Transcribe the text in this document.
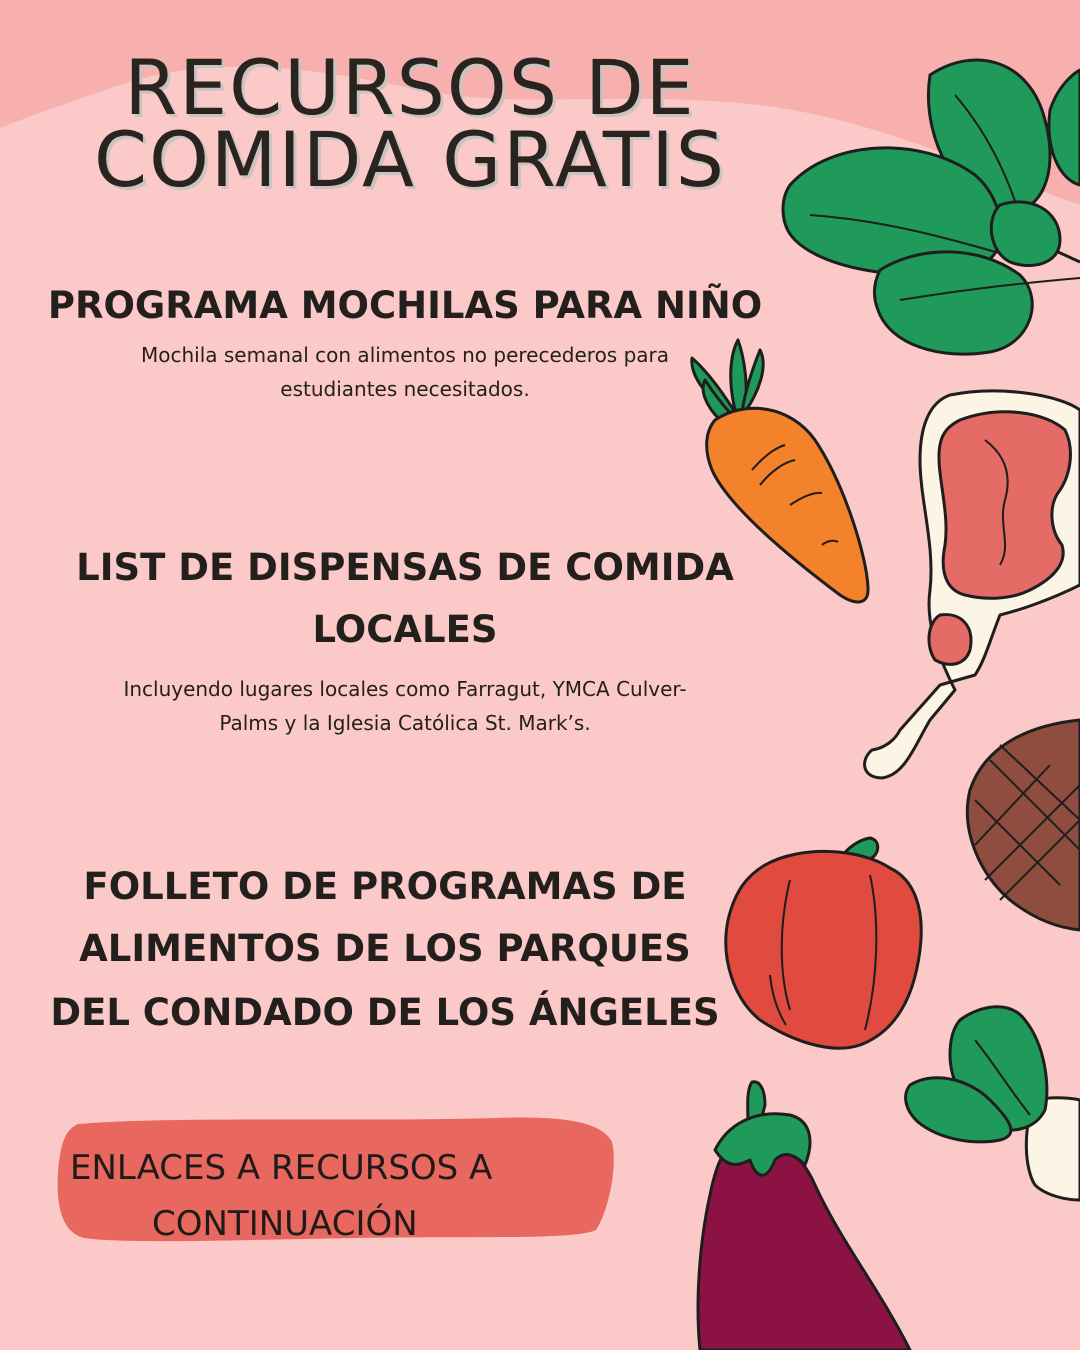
RECURSOS DE
COMIDA GRATIS
PROGRAMA MOCHILAS PARA NIÑO
Mochila semanal con alimentos no perecederos para
estudiantes necesitados.
LIST DE DISPENSAS DE COMIDA
LOCALES
Incluyendo lugares locales como Farragut, YMCA Culver-
Palms y la Iglesia Católica St. Mark’s.
FOLLETO DE PROGRAMAS DE
ALIMENTOS DE LOS PARQUES
DEL CONDADO DE LOS ÁNGELES
ENLACES A RECURSOS A
CONTINUACIÓN
